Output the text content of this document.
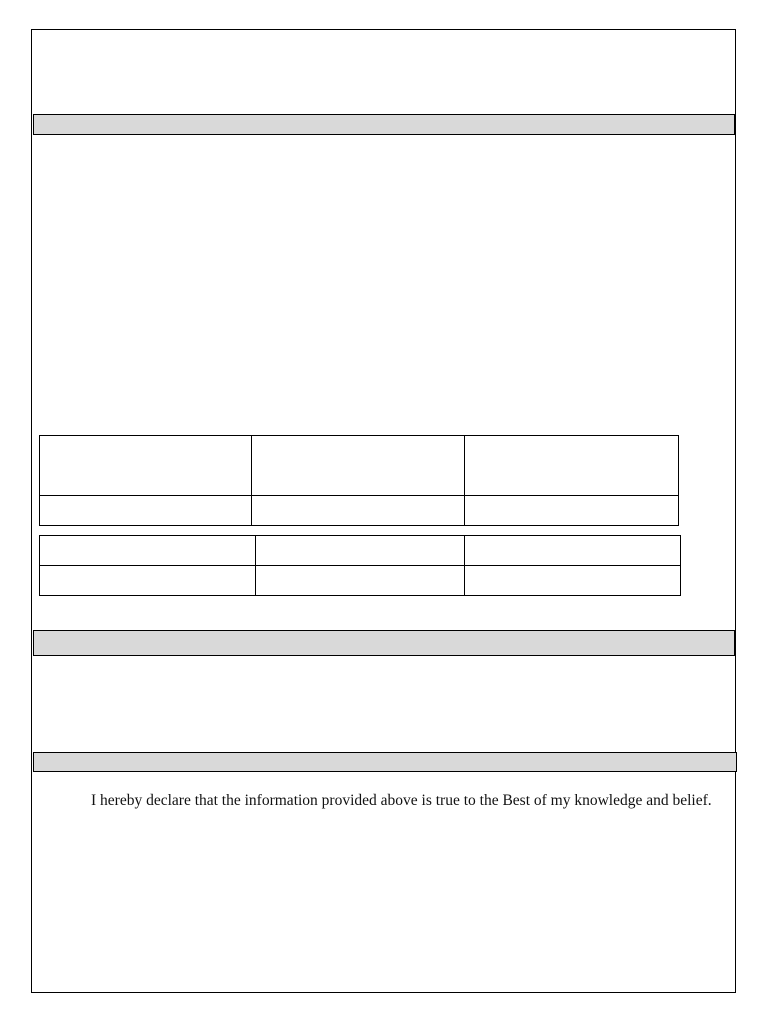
I hereby declare that the information provided above is true to the Best of my knowledge and belief.
